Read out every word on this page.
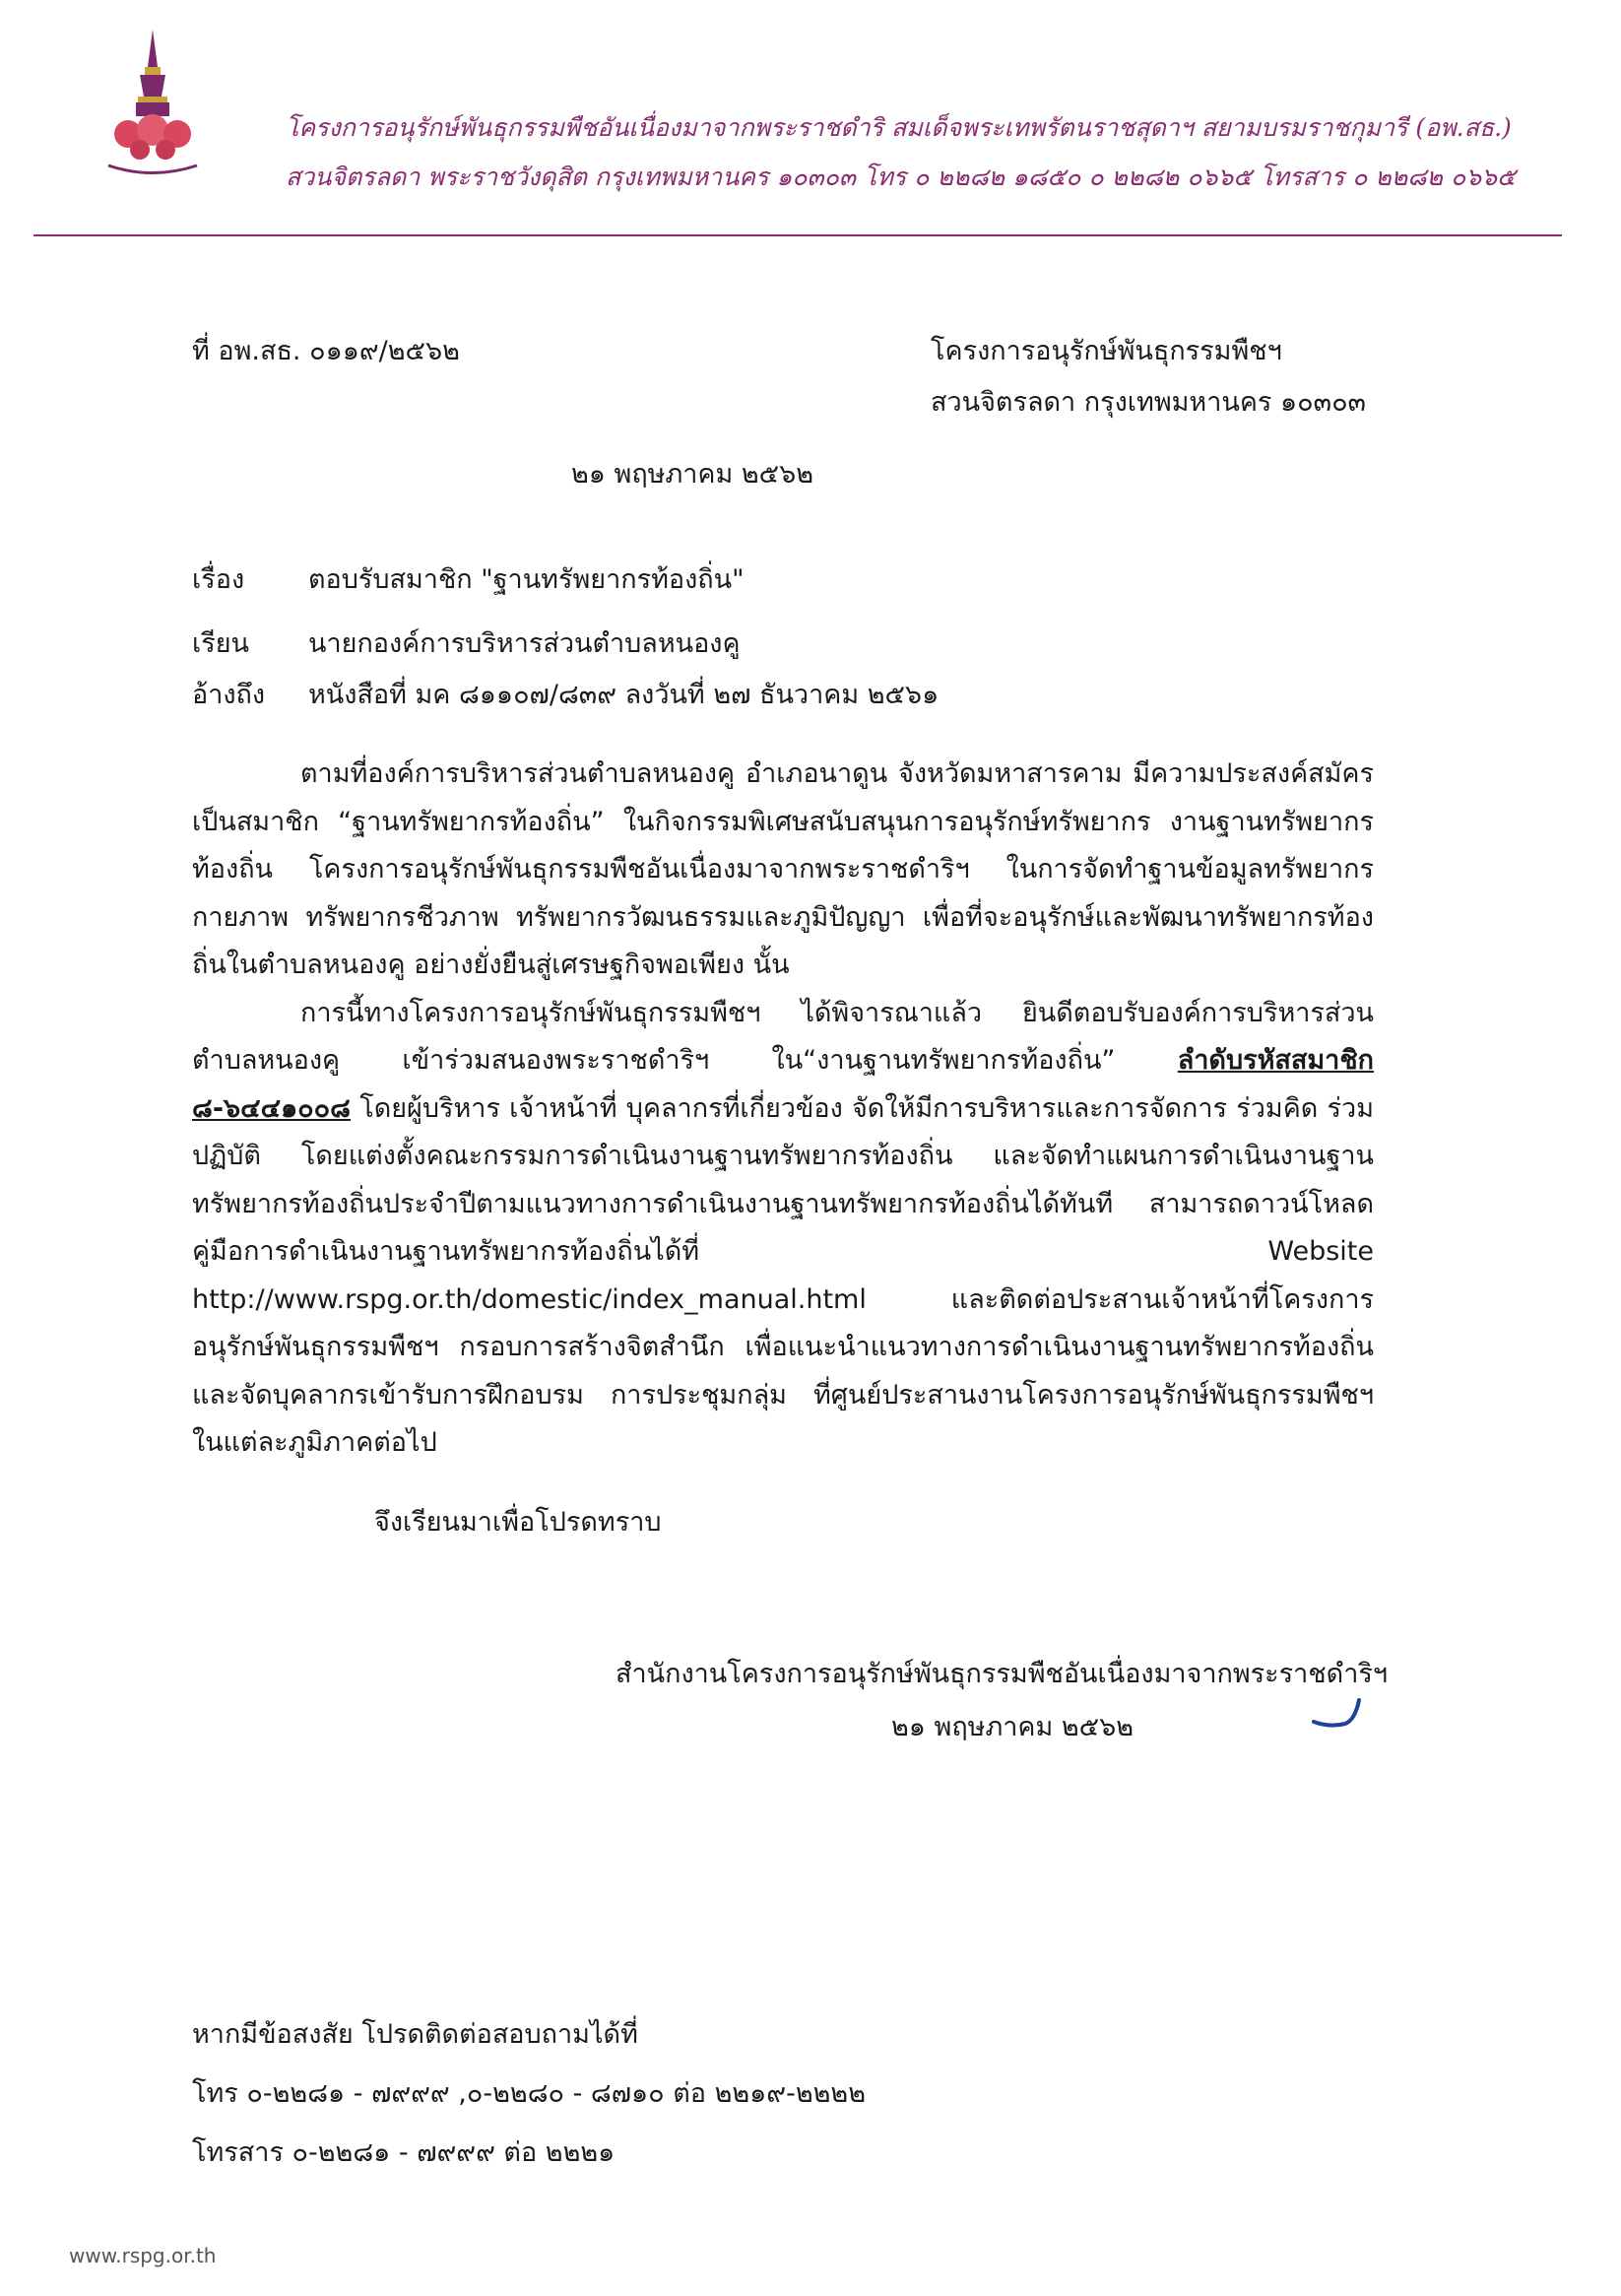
โครงการอนุรักษ์พันธุกรรมพืชอันเนื่องมาจากพระราชดำริ สมเด็จพระเทพรัตนราชสุดาฯ สยามบรมราชกุมารี (อพ.สธ.)
สวนจิตรลดา พระราชวังดุสิต กรุงเทพมหานคร ๑๐๓๐๓ โทร ๐ ๒๒๘๒ ๑๘๕๐ ๐ ๒๒๘๒ ๐๖๖๕ โทรสาร ๐ ๒๒๘๒ ๐๖๖๕
ที่ อพ.สธ. ๐๑๑๙/๒๕๖๒	โครงการอนุรักษ์พันธุกรรมพืชฯ
สวนจิตรลดา กรุงเทพมหานคร ๑๐๓๐๓
๒๑ พฤษภาคม ๒๕๖๒
เรื่อง ตอบรับสมาชิก "ฐานทรัพยากรท้องถิ่น"
เรียน นายกองค์การบริหารส่วนตำบลหนองคู
อ้างถึง หนังสือที่ มค ๘๑๑๐๗/๘๓๙ ลงวันที่ ๒๗ ธันวาคม ๒๕๖๑

ตามที่องค์การบริหารส่วนตำบลหนองคู อำเภอนาดูน จังหวัดมหาสารคาม มีความประสงค์สมัครเป็นสมาชิก “ฐานทรัพยากรท้องถิ่น” ในกิจกรรมพิเศษสนับสนุนการอนุรักษ์ทรัพยากร งานฐานทรัพยากรท้องถิ่น โครงการอนุรักษ์พันธุกรรมพืชอันเนื่องมาจากพระราชดำริฯ ในการจัดทำฐานข้อมูลทรัพยากรกายภาพ ทรัพยากรชีวภาพ ทรัพยากรวัฒนธรรมและภูมิปัญญา เพื่อที่จะอนุรักษ์และพัฒนาทรัพยากรท้องถิ่นในตำบลหนองคู อย่างยั่งยืนสู่เศรษฐกิจพอเพียง นั้น

การนี้ทางโครงการอนุรักษ์พันธุกรรมพืชฯ ได้พิจารณาแล้ว ยินดีตอบรับองค์การบริหารส่วนตำบลหนองคู เข้าร่วมสนองพระราชดำริฯ ใน“งานฐานทรัพยากรท้องถิ่น” ลำดับรหัสสมาชิก ๘-๖๔๔๑๐๐๘ โดยผู้บริหาร เจ้าหน้าที่ บุคลากรที่เกี่ยวข้อง จัดให้มีการบริหารและการจัดการ ร่วมคิด ร่วมปฏิบัติ โดยแต่งตั้งคณะกรรมการดำเนินงานฐานทรัพยากรท้องถิ่น และจัดทำแผนการดำเนินงานฐานทรัพยากรท้องถิ่นประจำปีตามแนวทางการดำเนินงานฐานทรัพยากรท้องถิ่นได้ทันที สามารถดาวน์โหลดคู่มือการดำเนินงานฐานทรัพยากรท้องถิ่นได้ที่ Website http://www.rspg.or.th/domestic/index_manual.html และติดต่อประสานเจ้าหน้าที่โครงการอนุรักษ์พันธุกรรมพืชฯ กรอบการสร้างจิตสำนึก เพื่อแนะนำแนวทางการดำเนินงานฐานทรัพยากรท้องถิ่น และจัดบุคลากรเข้ารับการฝึกอบรม การประชุมกลุ่ม ที่ศูนย์ประสานงานโครงการอนุรักษ์พันธุกรรมพืชฯ ในแต่ละภูมิภาคต่อไป

จึงเรียนมาเพื่อโปรดทราบ
สำนักงานโครงการอนุรักษ์พันธุกรรมพืชอันเนื่องมาจากพระราชดำริฯ
๒๑ พฤษภาคม ๒๕๖๒
หากมีข้อสงสัย โปรดติดต่อสอบถามได้ที่
โทร ๐-๒๒๘๑ - ๗๙๙๙ ,๐-๒๒๘๐ - ๘๗๑๐ ต่อ ๒๒๑๙-๒๒๒๒
โทรสาร ๐-๒๒๘๑ - ๗๙๙๙ ต่อ ๒๒๒๑
www.rspg.or.th
